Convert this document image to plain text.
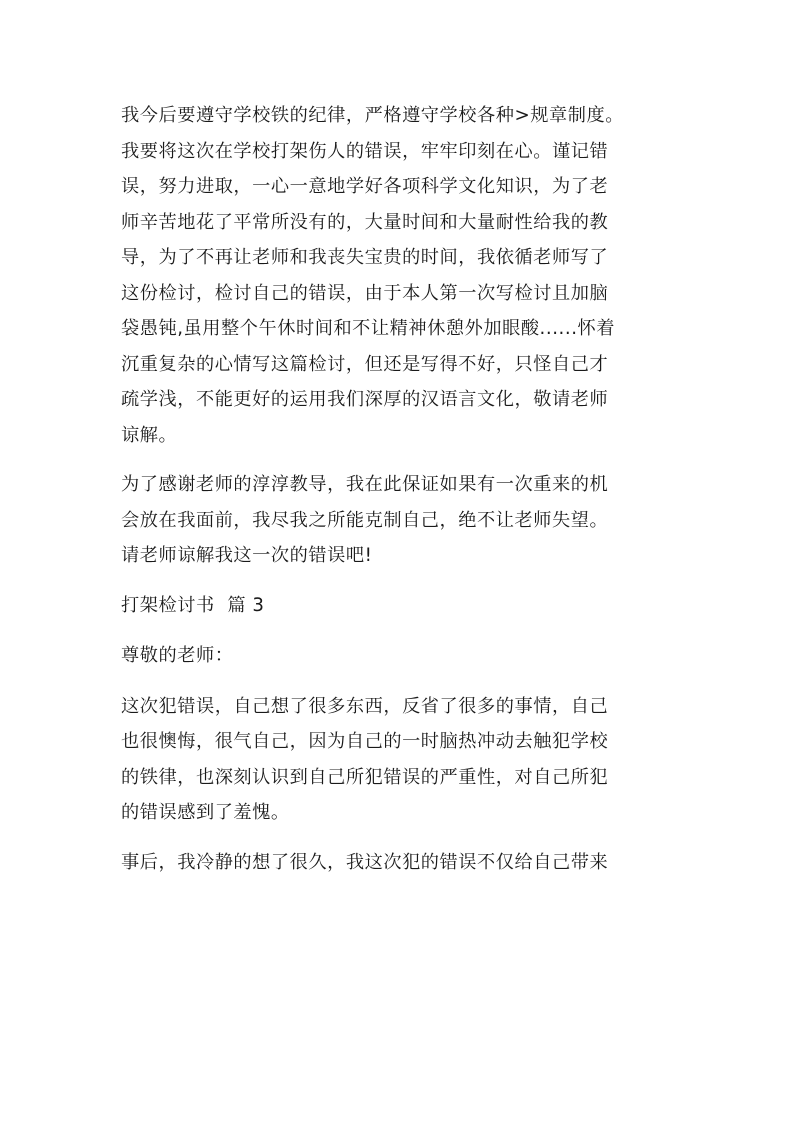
我今后要遵守学校铁的纪律，严格遵守学校各种>规章制度。
我要将这次在学校打架伤人的错误，牢牢印刻在心。谨记错
误，努力进取，一心一意地学好各项科学文化知识，为了老
师辛苦地花了平常所没有的，大量时间和大量耐性给我的教
导，为了不再让老师和我丧失宝贵的时间，我依循老师写了
这份检讨，检讨自己的错误，由于本人第一次写检讨且加脑
袋愚钝,虽用整个午休时间和不让精神休憩外加眼酸......怀着
沉重复杂的心情写这篇检讨，但还是写得不好，只怪自己才
疏学浅，不能更好的运用我们深厚的汉语言文化，敬请老师
谅解。

为了感谢老师的淳淳教导，我在此保证如果有一次重来的机
会放在我面前，我尽我之所能克制自己，绝不让老师失望。
请老师谅解我这一次的错误吧!

打架检讨书  篇 3

尊敬的老师：

这次犯错误，自己想了很多东西，反省了很多的事情，自己
也很懊悔，很气自己，因为自己的一时脑热冲动去触犯学校
的铁律，也深刻认识到自己所犯错误的严重性，对自己所犯
的错误感到了羞愧。

事后，我冷静的想了很久，我这次犯的错误不仅给自己带来
